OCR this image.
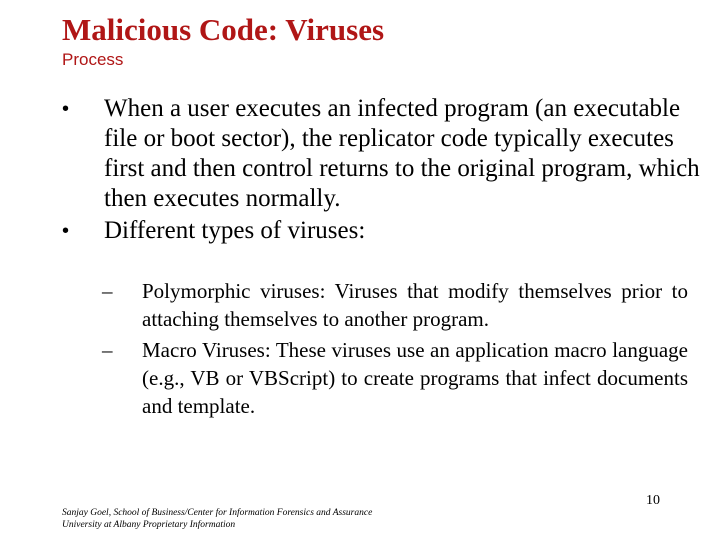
Malicious Code: Viruses
Process
• When a user executes an infected program (an executable file or boot sector), the replicator code typically executes first and then control returns to the original program, which then executes normally.
• Different types of viruses:
– Polymorphic viruses: Viruses that modify themselves prior to attaching themselves to another program.
– Macro Viruses: These viruses use an application macro language (e.g., VB or VBScript) to create programs that infect documents and template.
Sanjay Goel, School of Business/Center for Information Forensics and Assurance
University at Albany Proprietary Information
10
